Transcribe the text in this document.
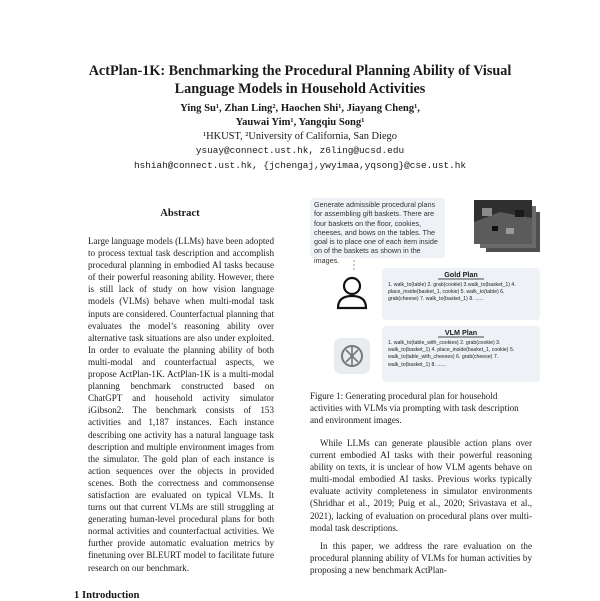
ActPlan-1K: Benchmarking the Procedural Planning Ability of Visual
Language Models in Household Activities
Ying Su¹, Zhan Ling², Haochen Shi¹, Jiayang Cheng¹,
Yauwai Yim¹, Yangqiu Song¹
¹HKUST, ²University of California, San Diego
ysuay@connect.ust.hk, z6ling@ucsd.edu
hshiah@connect.ust.hk, {jchengaj,ywyimaa,yqsong}@cse.ust.hk
Abstract
Large language models (LLMs) have been adopted to process textual task description and accomplish procedural planning in embodied AI tasks because of their powerful reasoning ability. However, there is still lack of study on how vision language models (VLMs) behave when multi-modal task inputs are considered. Counterfactual planning that evaluates the model’s reasoning ability over alternative task situations are also under exploited. In order to evaluate the planning ability of both multi-modal and counterfactual aspects, we propose ActPlan-1K. ActPlan-1K is a multi-modal planning benchmark constructed based on ChatGPT and household activity simulator iGibson2. The benchmark consists of 153 activities and 1,187 instances. Each instance describing one activity has a natural language task description and multiple environment images from the simulator. The gold plan of each instance is action sequences over the objects in provided scenes. Both the correctness and commonsense satisfaction are evaluated on typical VLMs. It turns out that current VLMs are still struggling at generating human-level procedural plans for both normal activities and counterfactual activities. We further provide automatic evaluation metrics by finetuning over BLEURT model to facilitate future research on our benchmark.
Gold Plan
1. walk_to(table) 2. grab(cookie) 3.walk_to(basket_1) 4. place_inside(basket_1, cookie) 5. walk_to(table) 6. grab(cheese) 7. walk_to(basket_1) 8. ......
VLM Plan
1. walk_to(table_with_cookies) 2. grab(cookie) 3. walk_to(basket_1) 4. place_inside(basket_1, cookie) 5. walk_to(table_with_cheeses) 6. grab(cheese) 7. walk_to(basket_1) 8. ......
Generate admissible procedural plans for assembling gift baskets. There are four baskets on the floor, cookies, cheeses, and bows on the tables. The goal is to place one of each item inside on of the baskets as shown in the images.
Figure 1: Generating procedural plan for household activities with VLMs via prompting with task description and environment images.

While LLMs can generate plausible action plans over current embodied AI tasks with their powerful reasoning ability on texts, it is unclear of how VLM agents behave on multi-modal embodied AI tasks. Previous works typically evaluate activity completeness in simulator environments (Shridhar et al., 2019; Puig et al., 2020; Srivastava et al., 2021), lacking of evaluation on procedural plans over multi-modal task descriptions.

In this paper, we address the rare evaluation on the procedural planning ability of VLMs for human activities by proposing a new benchmark ActPlan-

1 Introduction
